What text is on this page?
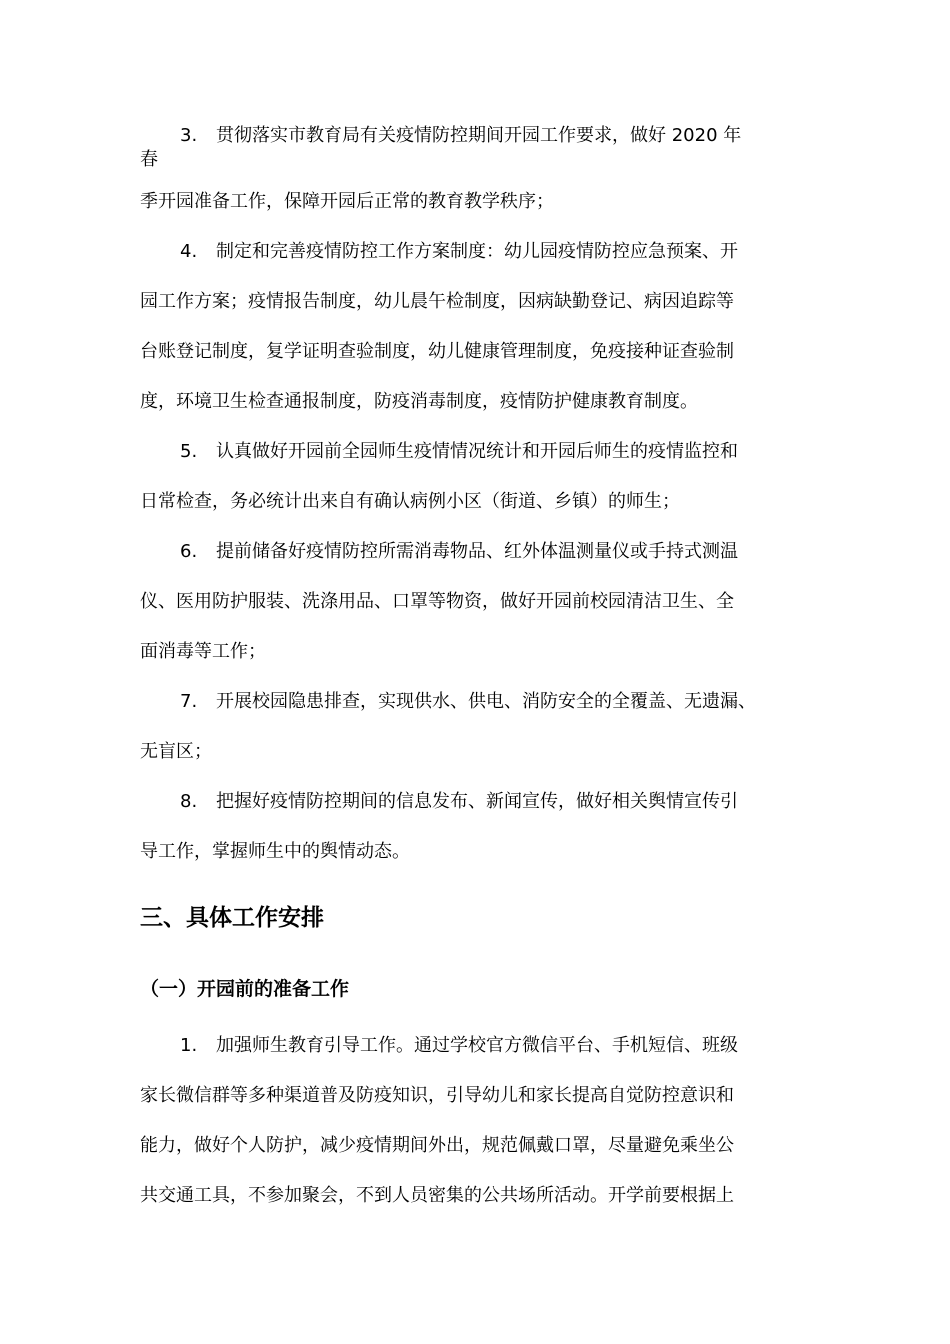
3. 贯彻落实市教育局有关疫情防控期间开园工作要求，做好 2020 年
春
季开园准备工作，保障开园后正常的教育教学秩序；
4. 制定和完善疫情防控工作方案制度：幼儿园疫情防控应急预案、开
园工作方案；疫情报告制度，幼儿晨午检制度，因病缺勤登记、病因追踪等
台账登记制度，复学证明查验制度，幼儿健康管理制度，免疫接种证查验制
度，环境卫生检查通报制度，防疫消毒制度，疫情防护健康教育制度。
5. 认真做好开园前全园师生疫情情况统计和开园后师生的疫情监控和
日常检查，务必统计出来自有确认病例小区（街道、乡镇）的师生；
6. 提前储备好疫情防控所需消毒物品、红外体温测量仪或手持式测温
仪、医用防护服装、洗涤用品、口罩等物资，做好开园前校园清洁卫生、全
面消毒等工作；
7. 开展校园隐患排查，实现供水、供电、消防安全的全覆盖、无遗漏、
无盲区；
8. 把握好疫情防控期间的信息发布、新闻宣传，做好相关舆情宣传引
导工作，掌握师生中的舆情动态。
三、具体工作安排
（一）开园前的准备工作
1. 加强师生教育引导工作。通过学校官方微信平台、手机短信、班级
家长微信群等多种渠道普及防疫知识，引导幼儿和家长提高自觉防控意识和
能力，做好个人防护，减少疫情期间外出，规范佩戴口罩，尽量避免乘坐公
共交通工具，不参加聚会，不到人员密集的公共场所活动。开学前要根据上
